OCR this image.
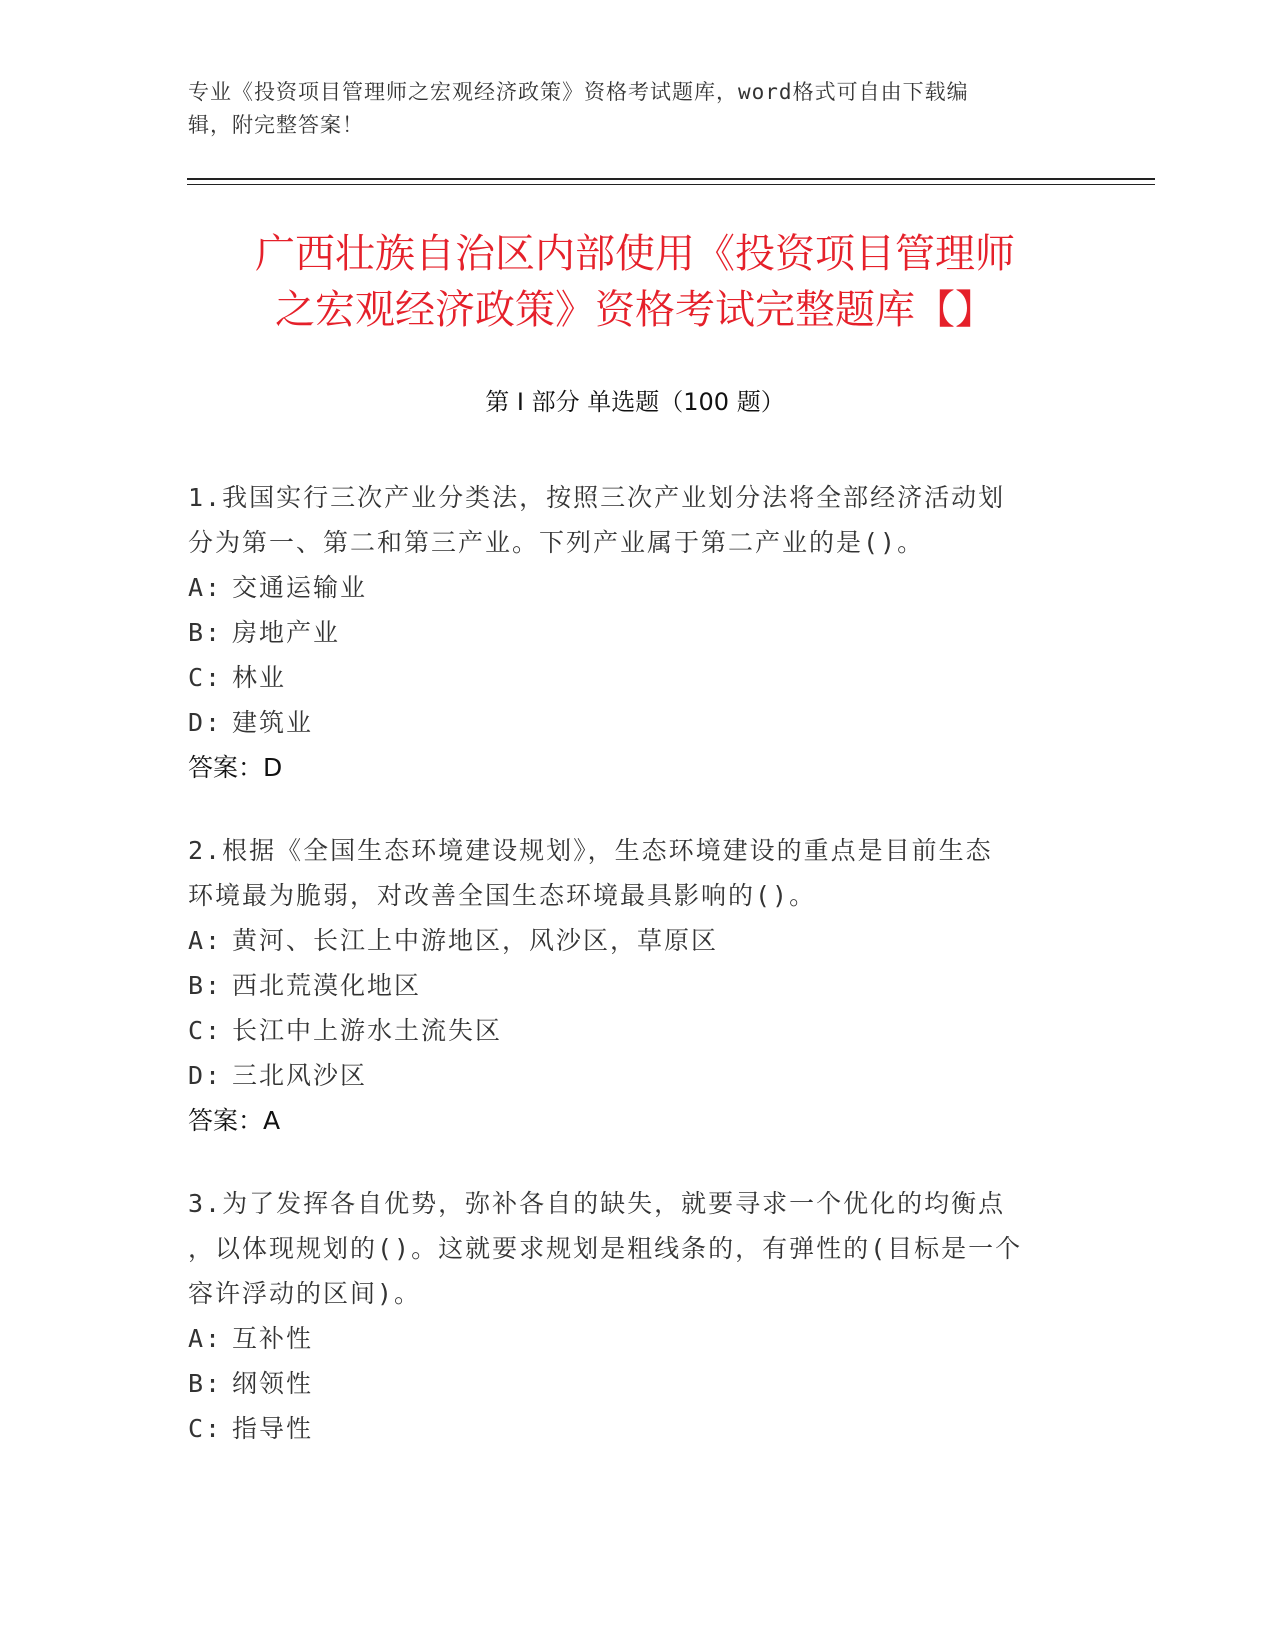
专业《投资项目管理师之宏观经济政策》资格考试题库，word格式可自由下载编
辑，附完整答案！
广西壮族自治区内部使用《投资项目管理师
之宏观经济政策》资格考试完整题库【】
第 I 部分 单选题（100 题）

1.我国实行三次产业分类法，按照三次产业划分法将全部经济活动划

分为第一、第二和第三产业。下列产业属于第二产业的是()。

A: 交通运输业

B: 房地产业

C: 林业

D: 建筑业

答案：D

2.根据《全国生态环境建设规划》，生态环境建设的重点是目前生态

环境最为脆弱，对改善全国生态环境最具影响的()。

A: 黄河、长江上中游地区，风沙区，草原区

B: 西北荒漠化地区

C: 长江中上游水土流失区

D: 三北风沙区

答案：A

3.为了发挥各自优势，弥补各自的缺失，就要寻求一个优化的均衡点

，以体现规划的()。这就要求规划是粗线条的，有弹性的(目标是一个

容许浮动的区间)。

A: 互补性

B: 纲领性

C: 指导性
